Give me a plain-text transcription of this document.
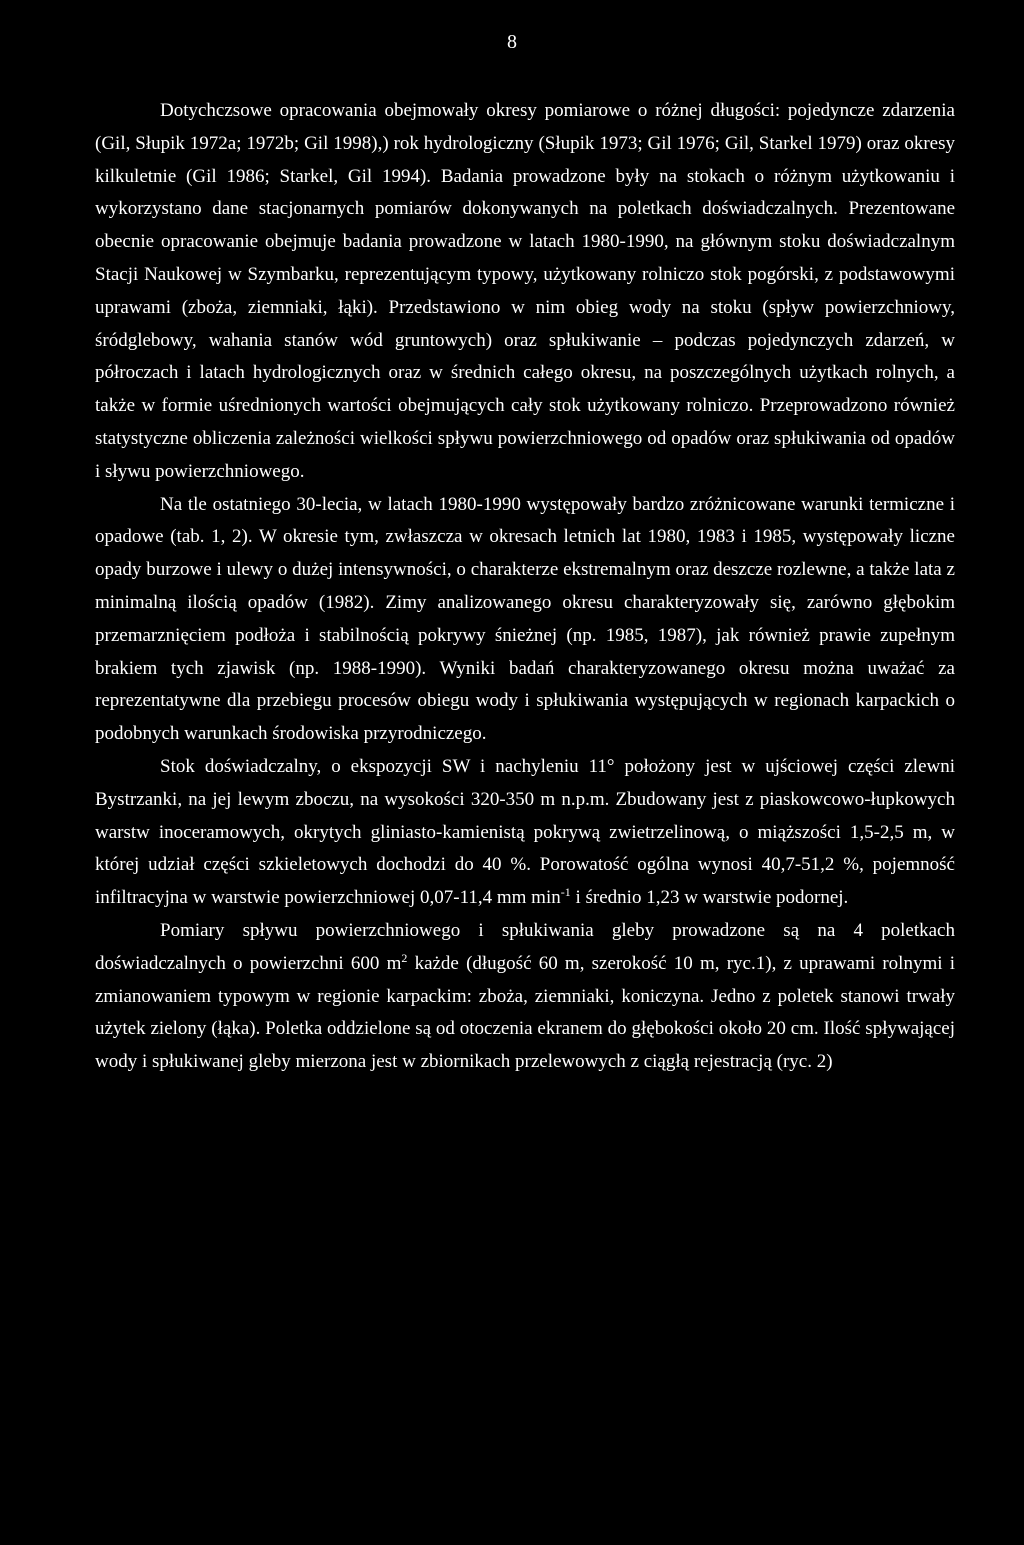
8

Dotychczsowe opracowania obejmowały okresy pomiarowe o różnej długości: pojedyncze zdarzenia (Gil, Słupik 1972a; 1972b; Gil 1998),) rok hydrologiczny (Słupik 1973; Gil 1976; Gil, Starkel 1979) oraz okresy kilkuletnie (Gil 1986; Starkel, Gil 1994). Badania prowadzone były na stokach o różnym użytkowaniu i wykorzystano dane stacjonarnych pomiarów dokonywanych na poletkach doświadczalnych. Prezentowane obecnie opracowanie obejmuje badania prowadzone w latach 1980-1990, na głównym stoku doświadczalnym Stacji Naukowej w Szymbarku, reprezentującym typowy, użytkowany rolniczo stok pogórski, z podstawowymi uprawami (zboża, ziemniaki, łąki). Przedstawiono w nim obieg wody na stoku (spływ powierzchniowy, śródglebowy, wahania stanów wód gruntowych) oraz spłukiwanie – podczas pojedynczych zdarzeń, w półroczach i latach hydrologicznych oraz w średnich całego okresu, na poszczególnych użytkach rolnych, a także w formie uśrednionych wartości obejmujących cały stok użytkowany rolniczo. Przeprowadzono również statystyczne obliczenia zależności wielkości spływu powierzchniowego od opadów oraz spłukiwania od opadów i sływu powierzchniowego.

Na tle ostatniego 30-lecia, w latach 1980-1990 występowały bardzo zróżnicowane warunki termiczne i opadowe (tab. 1, 2). W okresie tym, zwłaszcza w okresach letnich lat 1980, 1983 i 1985, występowały liczne opady burzowe i ulewy o dużej intensywności, o charakterze ekstremalnym oraz deszcze rozlewne, a także lata z minimalną ilością opadów (1982). Zimy analizowanego okresu charakteryzowały się, zarówno głębokim przemarznięciem podłoża i stabilnością pokrywy śnieżnej (np. 1985, 1987), jak również prawie zupełnym brakiem tych zjawisk (np. 1988-1990). Wyniki badań charakteryzowanego okresu można uważać za reprezentatywne dla przebiegu procesów obiegu wody i spłukiwania występujących w regionach karpackich o podobnych warunkach środowiska przyrodniczego.

Stok doświadczalny, o ekspozycji SW i nachyleniu 11° położony jest w ujściowej części zlewni Bystrzanki, na jej lewym zboczu, na wysokości 320-350 m n.p.m. Zbudowany jest z piaskowcowo-łupkowych warstw inoceramowych, okrytych gliniasto-kamienistą pokrywą zwietrzelinową, o miąższości 1,5-2,5 m, w której udział części szkieletowych dochodzi do 40 %. Porowatość ogólna wynosi 40,7-51,2 %, pojemność infiltracyjna w warstwie powierzchniowej 0,07-11,4 mm $\min^{-1} i$ średnio 1,23 w warstwie podornej.

Pomiary spływu powierzchniowego i spłukiwania gleby prowadzone są na 4 poletkach doświadczalnych o powierzchni 600 $m^2$ każde (długość 60 m, szerokość 10 m, ryc.1), z uprawami rolnymi i zmianowaniem typowym w regionie karpackim: zboża, ziemniaki, koniczyna. Jedno z poletek stanowi trwały użytek zielony (łąka). Poletka oddzielone są od otoczenia ekranem do głębokości około 20 cm. Ilość spływającej wody i spłukiwanej gleby mierzona jest w zbiornikach przelewowych z ciągłą rejestracją (ryc. 2)
